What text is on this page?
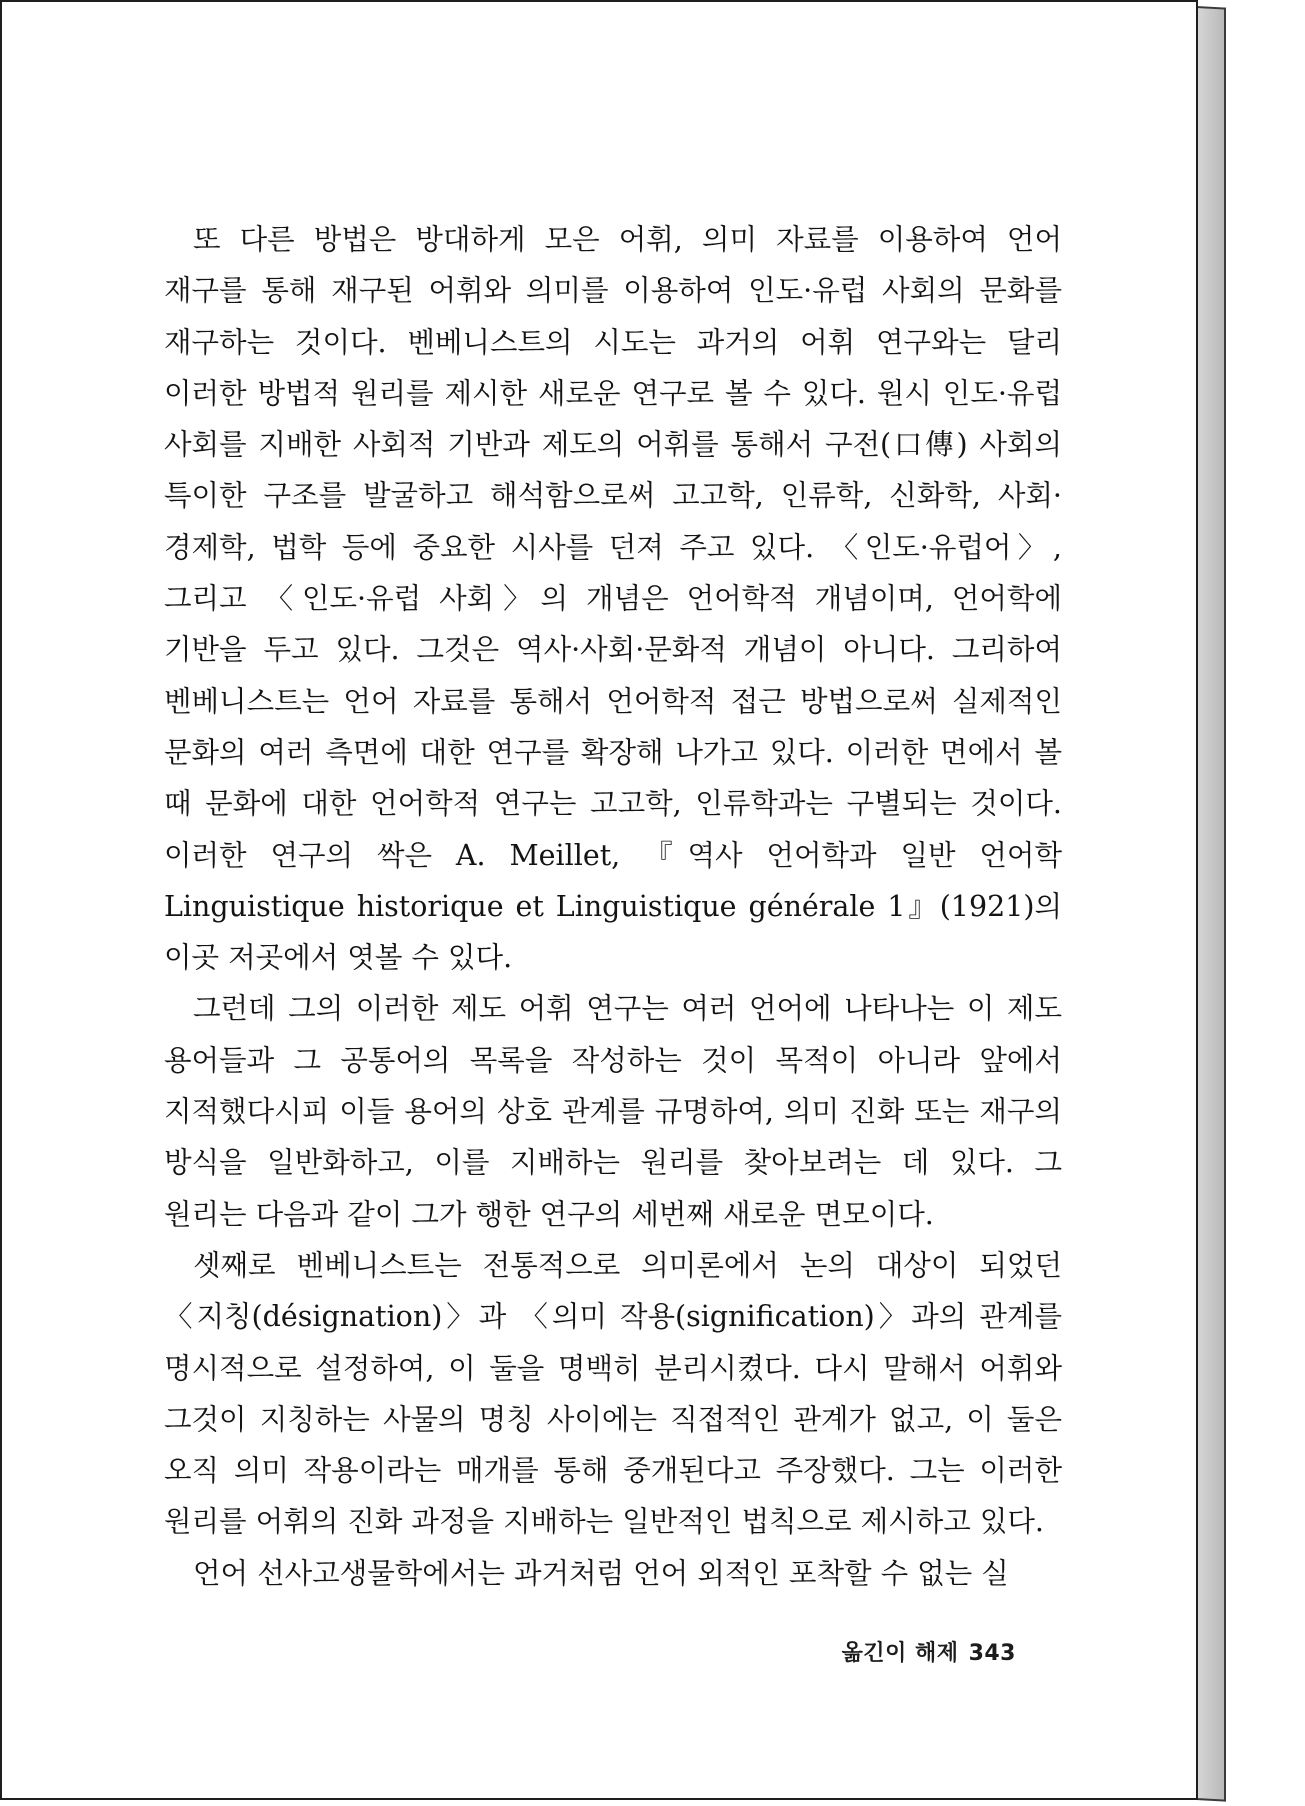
또 다른 방법은 방대하게 모은 어휘, 의미 자료를 이용하여 언어 재구를 통해 재구된 어휘와 의미를 이용하여 인도·유럽 사회의 문화를 재구하는 것이다. 벤베니스트의 시도는 과거의 어휘 연구와는 달리 이러한 방법적 원리를 제시한 새로운 연구로 볼 수 있다. 원시 인도·유럽 사회를 지배한 사회적 기반과 제도의 어휘를 통해서 구전(口傳) 사회의 특이한 구조를 발굴하고 해석함으로써 고고학, 인류학, 신화학, 사회·경제학, 법학 등에 중요한 시사를 던져 주고 있다. 〈인도·유럽어〉, 그리고 〈인도·유럽 사회〉의 개념은 언어학적 개념이며, 언어학에 기반을 두고 있다. 그것은 역사·사회·문화적 개념이 아니다. 그리하여 벤베니스트는 언어 자료를 통해서 언어학적 접근 방법으로써 실제적인 문화의 여러 측면에 대한 연구를 확장해 나가고 있다. 이러한 면에서 볼 때 문화에 대한 언어학적 연구는 고고학, 인류학과는 구별되는 것이다. 이러한 연구의 싹은 A. Meillet, 『역사 언어학과 일반 언어학 Linguistique historique et Linguistique générale 1』(1921)의 이곳 저곳에서 엿볼 수 있다.

그런데 그의 이러한 제도 어휘 연구는 여러 언어에 나타나는 이 제도 용어들과 그 공통어의 목록을 작성하는 것이 목적이 아니라 앞에서 지적했다시피 이들 용어의 상호 관계를 규명하여, 의미 진화 또는 재구의 방식을 일반화하고, 이를 지배하는 원리를 찾아보려는 데 있다. 그 원리는 다음과 같이 그가 행한 연구의 세번째 새로운 면모이다.

셋째로 벤베니스트는 전통적으로 의미론에서 논의 대상이 되었던 〈지칭(désignation)〉과 〈의미 작용(signification)〉과의 관계를 명시적으로 설정하여, 이 둘을 명백히 분리시켰다. 다시 말해서 어휘와 그것이 지칭하는 사물의 명칭 사이에는 직접적인 관계가 없고, 이 둘은 오직 의미 작용이라는 매개를 통해 중개된다고 주장했다. 그는 이러한 원리를 어휘의 진화 과정을 지배하는 일반적인 법칙으로 제시하고 있다.

언어 선사고생물학에서는 과거처럼 언어 외적인 포착할 수 없는 실

옮긴이 해제 343
